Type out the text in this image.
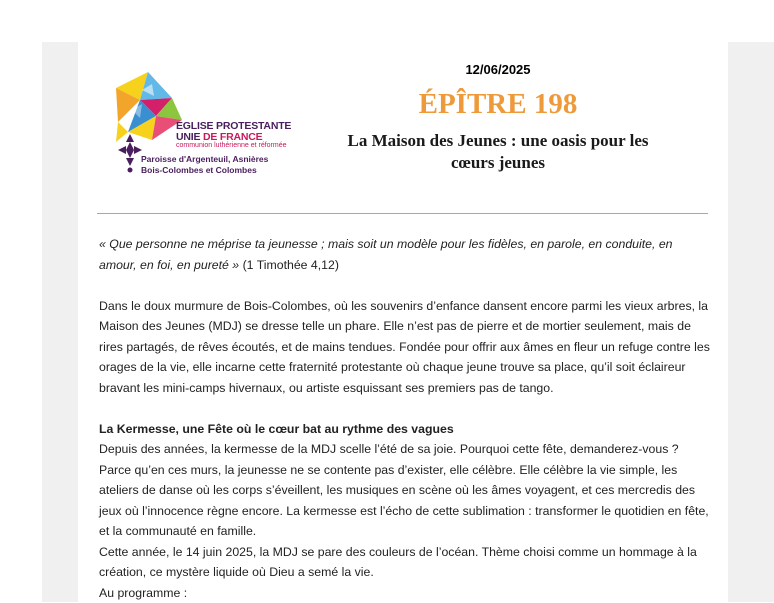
EGLISE PROTESTANTE
UNIE DE FRANCE
communion luthérienne et réformée
Paroisse d'Argenteuil, Asnières
Bois-Colombes et Colombes
12/06/2025
ÉPÎTRE 198
La Maison des Jeunes : une oasis pour les cœurs jeunes

« Que personne ne méprise ta jeunesse ; mais soit un modèle pour les fidèles, en parole, en conduite, en amour, en foi, en pureté » (1 Timothée 4,12)

Dans le doux murmure de Bois-Colombes, où les souvenirs d’enfance dansent encore parmi les vieux arbres, la Maison des Jeunes (MDJ) se dresse telle un phare. Elle n’est pas de pierre et de mortier seulement, mais de rires partagés, de rêves écoutés, et de mains tendues. Fondée pour offrir aux âmes en fleur un refuge contre les orages de la vie, elle incarne cette fraternité protestante où chaque jeune trouve sa place, qu’il soit éclaireur bravant les mini-camps hivernaux, ou artiste esquissant ses premiers pas de tango.

La Kermesse, une Fête où le cœur bat au rythme des vagues

Depuis des années, la kermesse de la MDJ scelle l’été de sa joie. Pourquoi cette fête, demanderez-vous ? Parce qu’en ces murs, la jeunesse ne se contente pas d’exister, elle célèbre. Elle célèbre la vie simple, les ateliers de danse où les corps s’éveillent, les musiques en scène où les âmes voyagent, et ces mercredis des jeux où l’innocence règne encore. La kermesse est l’écho de cette sublimation : transformer le quotidien en fête, et la communauté en famille.

Cette année, le 14 juin 2025, la MDJ se pare des couleurs de l’océan. Thème choisi comme un hommage à la création, ce mystère liquide où Dieu a semé la vie.

Au programme :
